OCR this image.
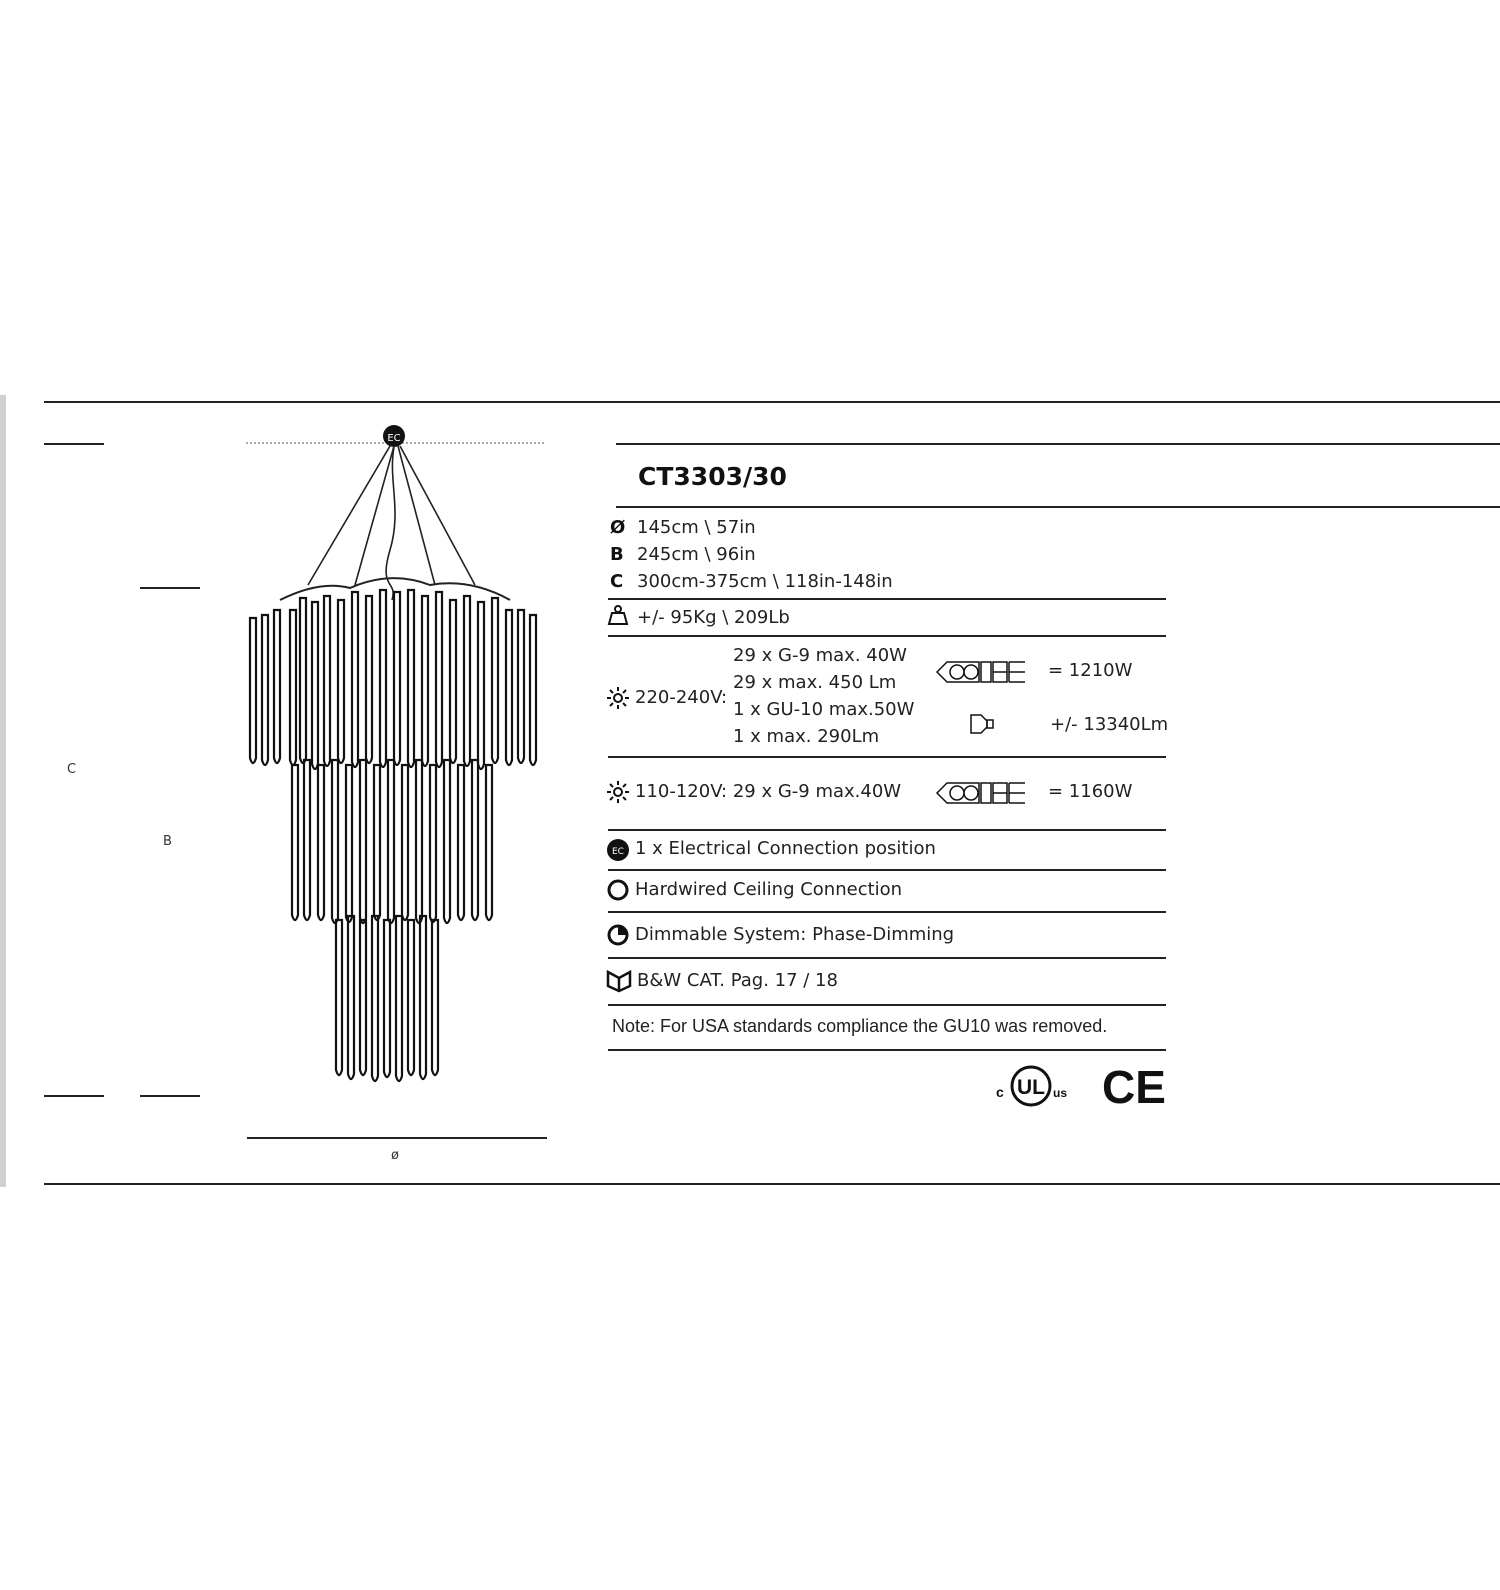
C
B
ø
EC
CT3303/30
Ø 145cm \ 57in
B 245cm \ 96in
C 300cm-375cm \ 118in-148in
+/- 95Kg \ 209Lb
220-240V:
29 x G-9 max. 40W
29 x max. 450 Lm
1 x GU-10 max.50W
1 x max. 290Lm
= 1210W
+/- 13340Lm
110-120V: 29 x G-9 max.40W	= 1160W
EC 1 x Electrical Connection position
Hardwired Ceiling Connection
Dimmable System: Phase-Dimming
B&W CAT. Pag. 17 / 18
Note: For USA standards compliance the GU10 was removed.
c UL us CE
